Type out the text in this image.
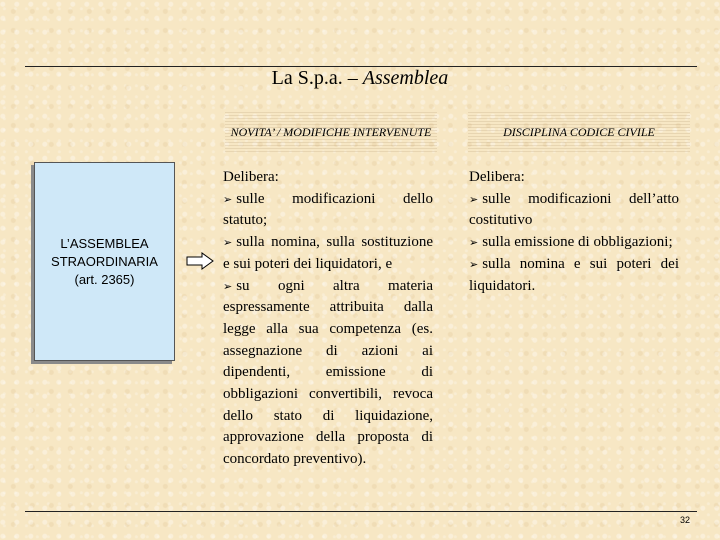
La S.p.a. – Assemblea
NOVITA’ / MODIFICHE INTERVENUTE	DISCIPLINA CODICE CIVILE
L’ASSEMBLEA
STRAORDINARIA
(art. 2365)

Delibera:

➢ sulle modificazioni dello statuto;

➢ sulla nomina, sulla sostituzione e sui poteri dei liquidatori, e

➢ su ogni altra materia espressamente attribuita dalla legge alla sua competenza (es. assegnazione di azioni ai dipendenti, emissione di obbligazioni convertibili, revoca dello stato di liquidazione, approvazione della proposta di concordato preventivo).

Delibera:

➢ sulle modificazioni dell’atto costitutivo

➢ sulla emissione di obbligazioni;

➢ sulla nomina e sui poteri dei liquidatori.

32
